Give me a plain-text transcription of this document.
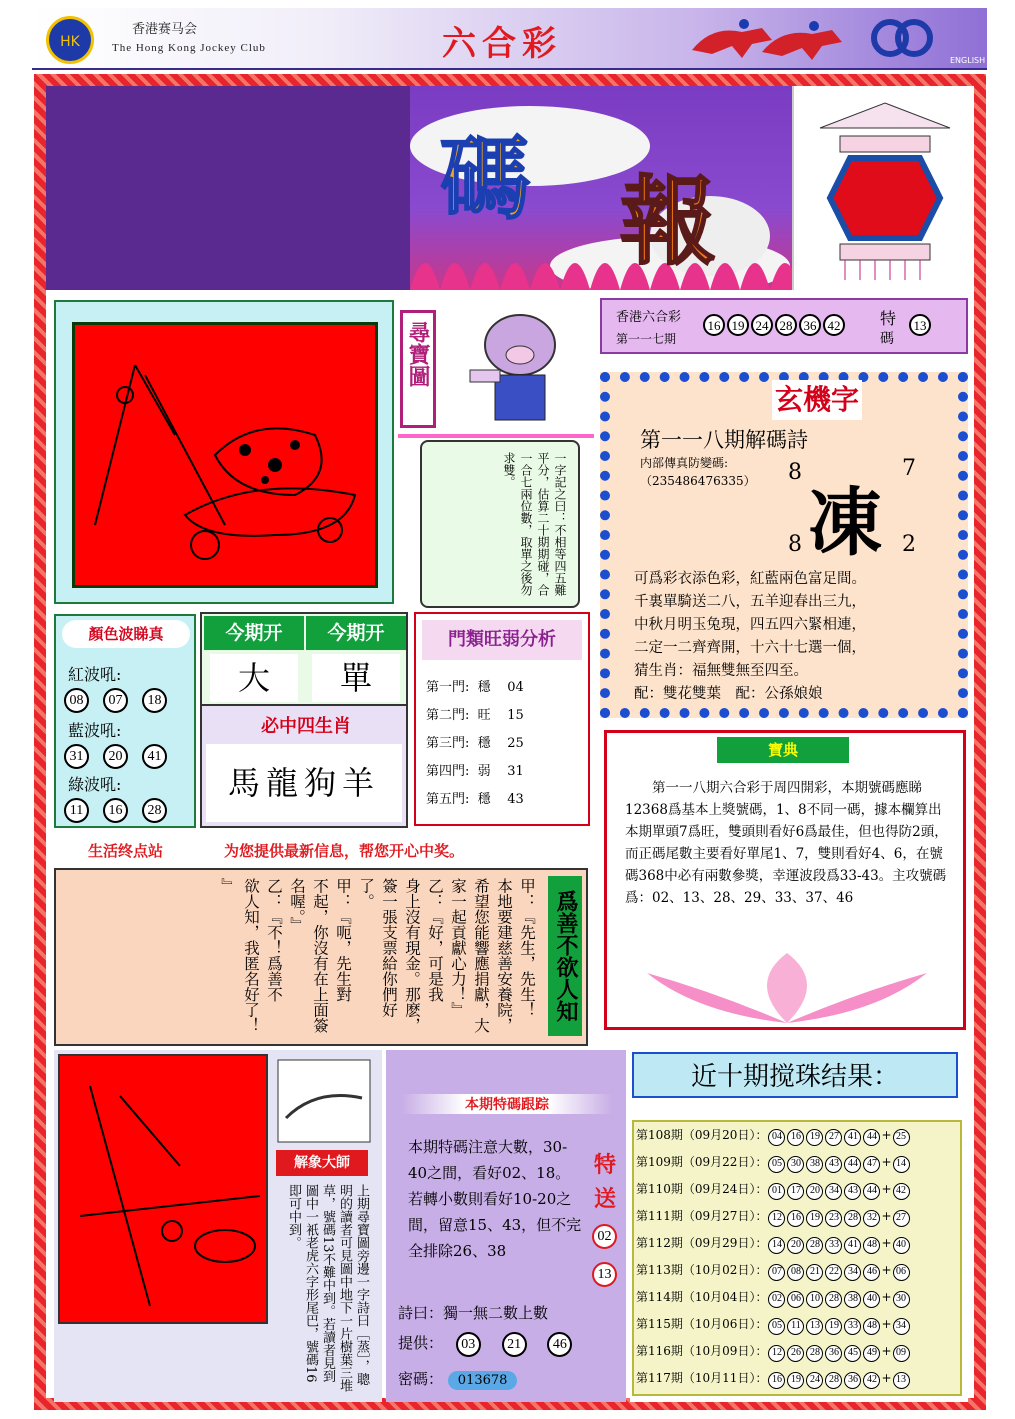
HK
香港赛马会
The Hong Kong Jockey Club	六合彩	ENGLISH
碼 報
尋寶圖
一字記之曰：不相等四五難平分，估算二十期期碰，合一合七兩位數，取單之後勿求雙。
香港六合彩
第一一七期
16 19 24 28 36 42	特
碼
13
玄機字
第一一八期解碼詩
内部傳真防變碼:
（23548647633​5） 8	7
凍
8	2
可爲彩衣添色彩，紅藍兩色富足間。
千裏單騎送二八，五羊迎春出三九，
中秋月明玉兔現，四五四六緊相連，
二定一二齊齊開，十六十七選一個，
猜生肖：福無雙無至四至。
配：雙花雙葉　配：公孫娘娘
顏色波睇真
紅波吼:
08 07 18
藍波吼:
31 20 41
綠波吼:
11 16 28
今期开	今期开
大	單
必中四生肖
馬龍狗羊
門類旺弱分析
第一門: 穩 04
第二門: 旺 15
第三門: 穩 25
第四門: 弱 31
第五門: 穩 43
寶典
第一一八期六合彩于周四開彩，本期號碼應睇12368爲基本上獎號碼，1、8不同一碼，據本欄算出本期單頭7爲旺，雙頭則看好6爲最佳，但也得防2頭，而正碼尾數主要看好單尾1、7，雙則看好4、6，在號碼368中必有兩數參獎，幸運波段爲33-43。主攻號碼爲：02、13、28、29、33、37、46
生活终点站	为您提供最新信息，帮您开心中奖。
爲善不欲人知
甲：『先生，先生！
本地要建慈善安養院，
希望您能響應捐獻，大
家一起貢獻心力！』
乙：『好，可是我
身上沒有現金。那麽，
簽一張支票給你們好了。
甲：『呃，先生對
不起，你沒有在上面簽
名喔。』
乙：『不！爲善不
欲人知，我匿名好了！
』
解象大師
上期尋寶圖旁邊一字詩曰［蒸］，聰明的讀者可見圖中地下一片樹葉三堆草，號碼13不難中到。若讀者見到圖中一衹老虎六字形尾巴，號碼16即可中到。
本期特碼跟踪
本期特碼注意大數，30-40之間，看好02、18。若轉小數則看好10-20之間，留意15、43，但不完全排除26、38
特
送
02
13
詩曰：獨一無二數上數
提供： 03 21 46
密碼： 013678
近十期搅珠结果：
第108期（09月20日）： 04 16 19 27 41 44 + 25
第109期（09月22日）： 05 30 38 43 44 47 + 14
第110期（09月24日）： 01 17 20 34 43 44 + 42
第111期（09月27日）： 12 16 19 23 28 32 + 27
第112期（09月29日）： 14 20 28 33 41 48 + 40
第113期（10月02日）： 07 08 21 22 34 46 + 06
第114期（10月04日）： 02 06 10 28 38 40 + 30
第115期（10月06日）： 05 11 13 19 33 48 + 34
第116期（10月09日）： 12 26 28 36 45 49 + 09
第117期（10月11日）： 16 19 24 28 36 42 + 13
